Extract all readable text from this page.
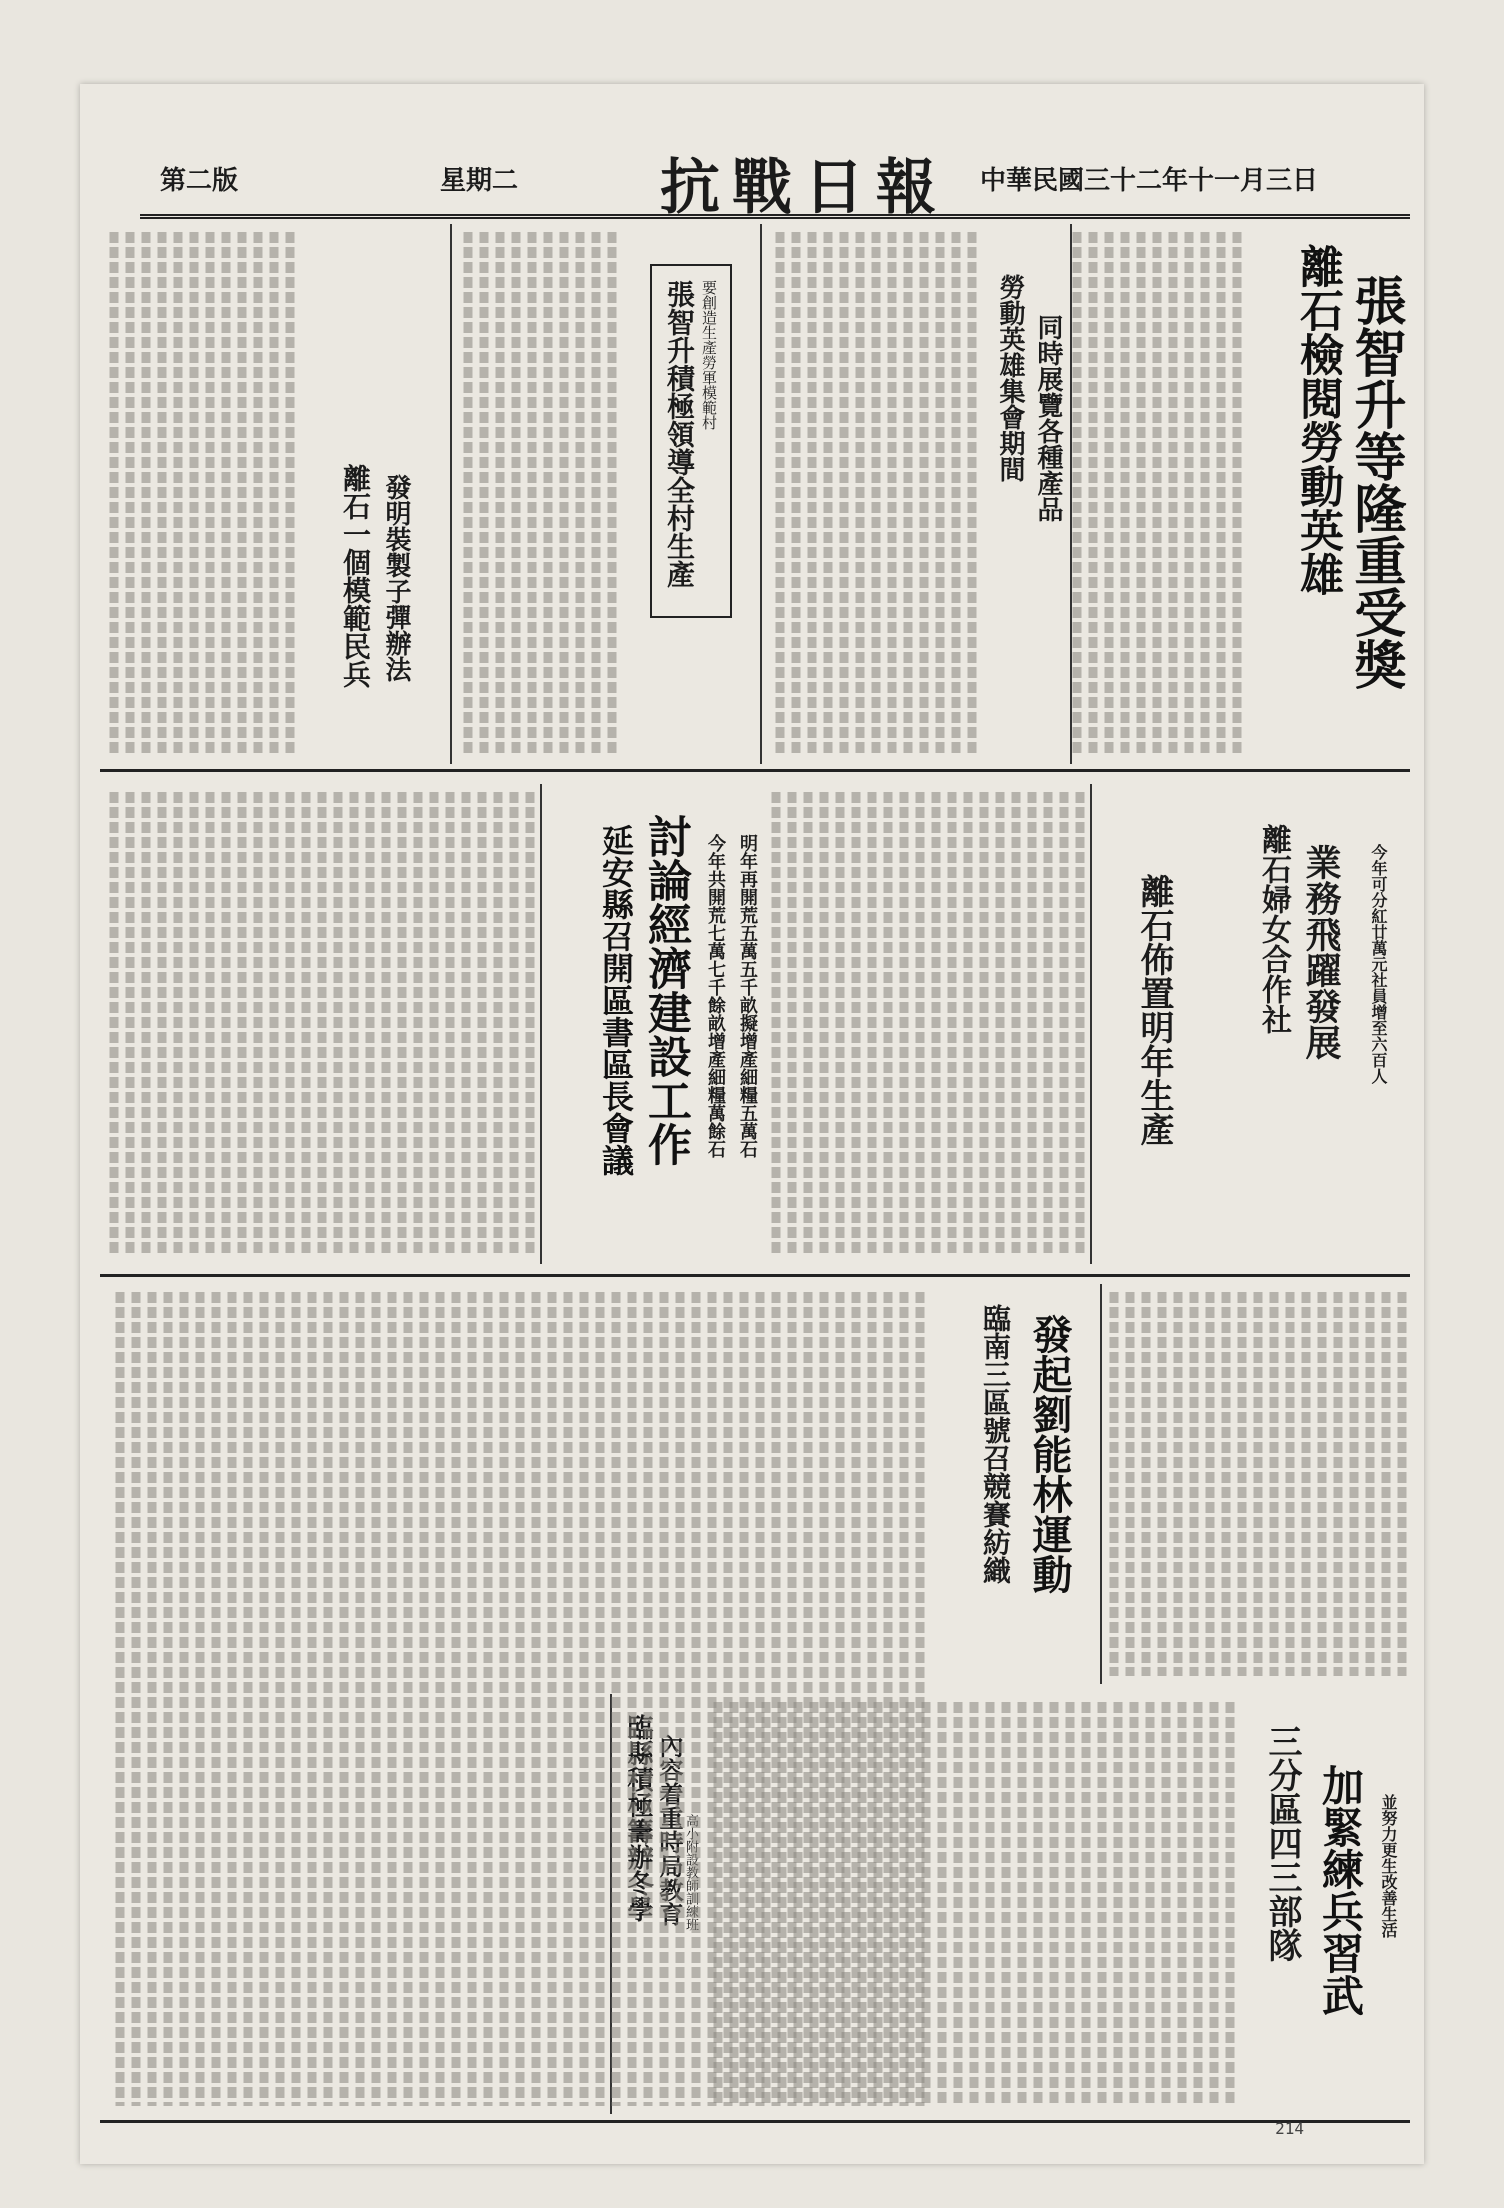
第二版	星期二 抗戰日報 中華民國三十二年十一月三日
離石檢閱勞動英雄 張智升等隆重受獎
勞動英雄集會期間 同時展覽各種產品
張智升積極領導全村生產 要創造生產勞軍模範村
離石一個模範民兵 發明裝製子彈辦法
離石婦女合作社 業務飛躍發展 今年可分紅廿萬元社員增至六百人
離石佈置明年生產
延安縣召開區書區長會議 討論經濟建設工作 今年共開荒七萬七千餘畝增產細糧萬餘石 明年再開荒五萬五千畝擬增產細糧五萬石
臨南三區號召競賽紡織 發起劉能林運動
三分區四三部隊 加緊練兵習武 並努力更生改善生活
臨縣積極籌辦冬學 內容着重時局教育 高小附設教師訓練班
214
